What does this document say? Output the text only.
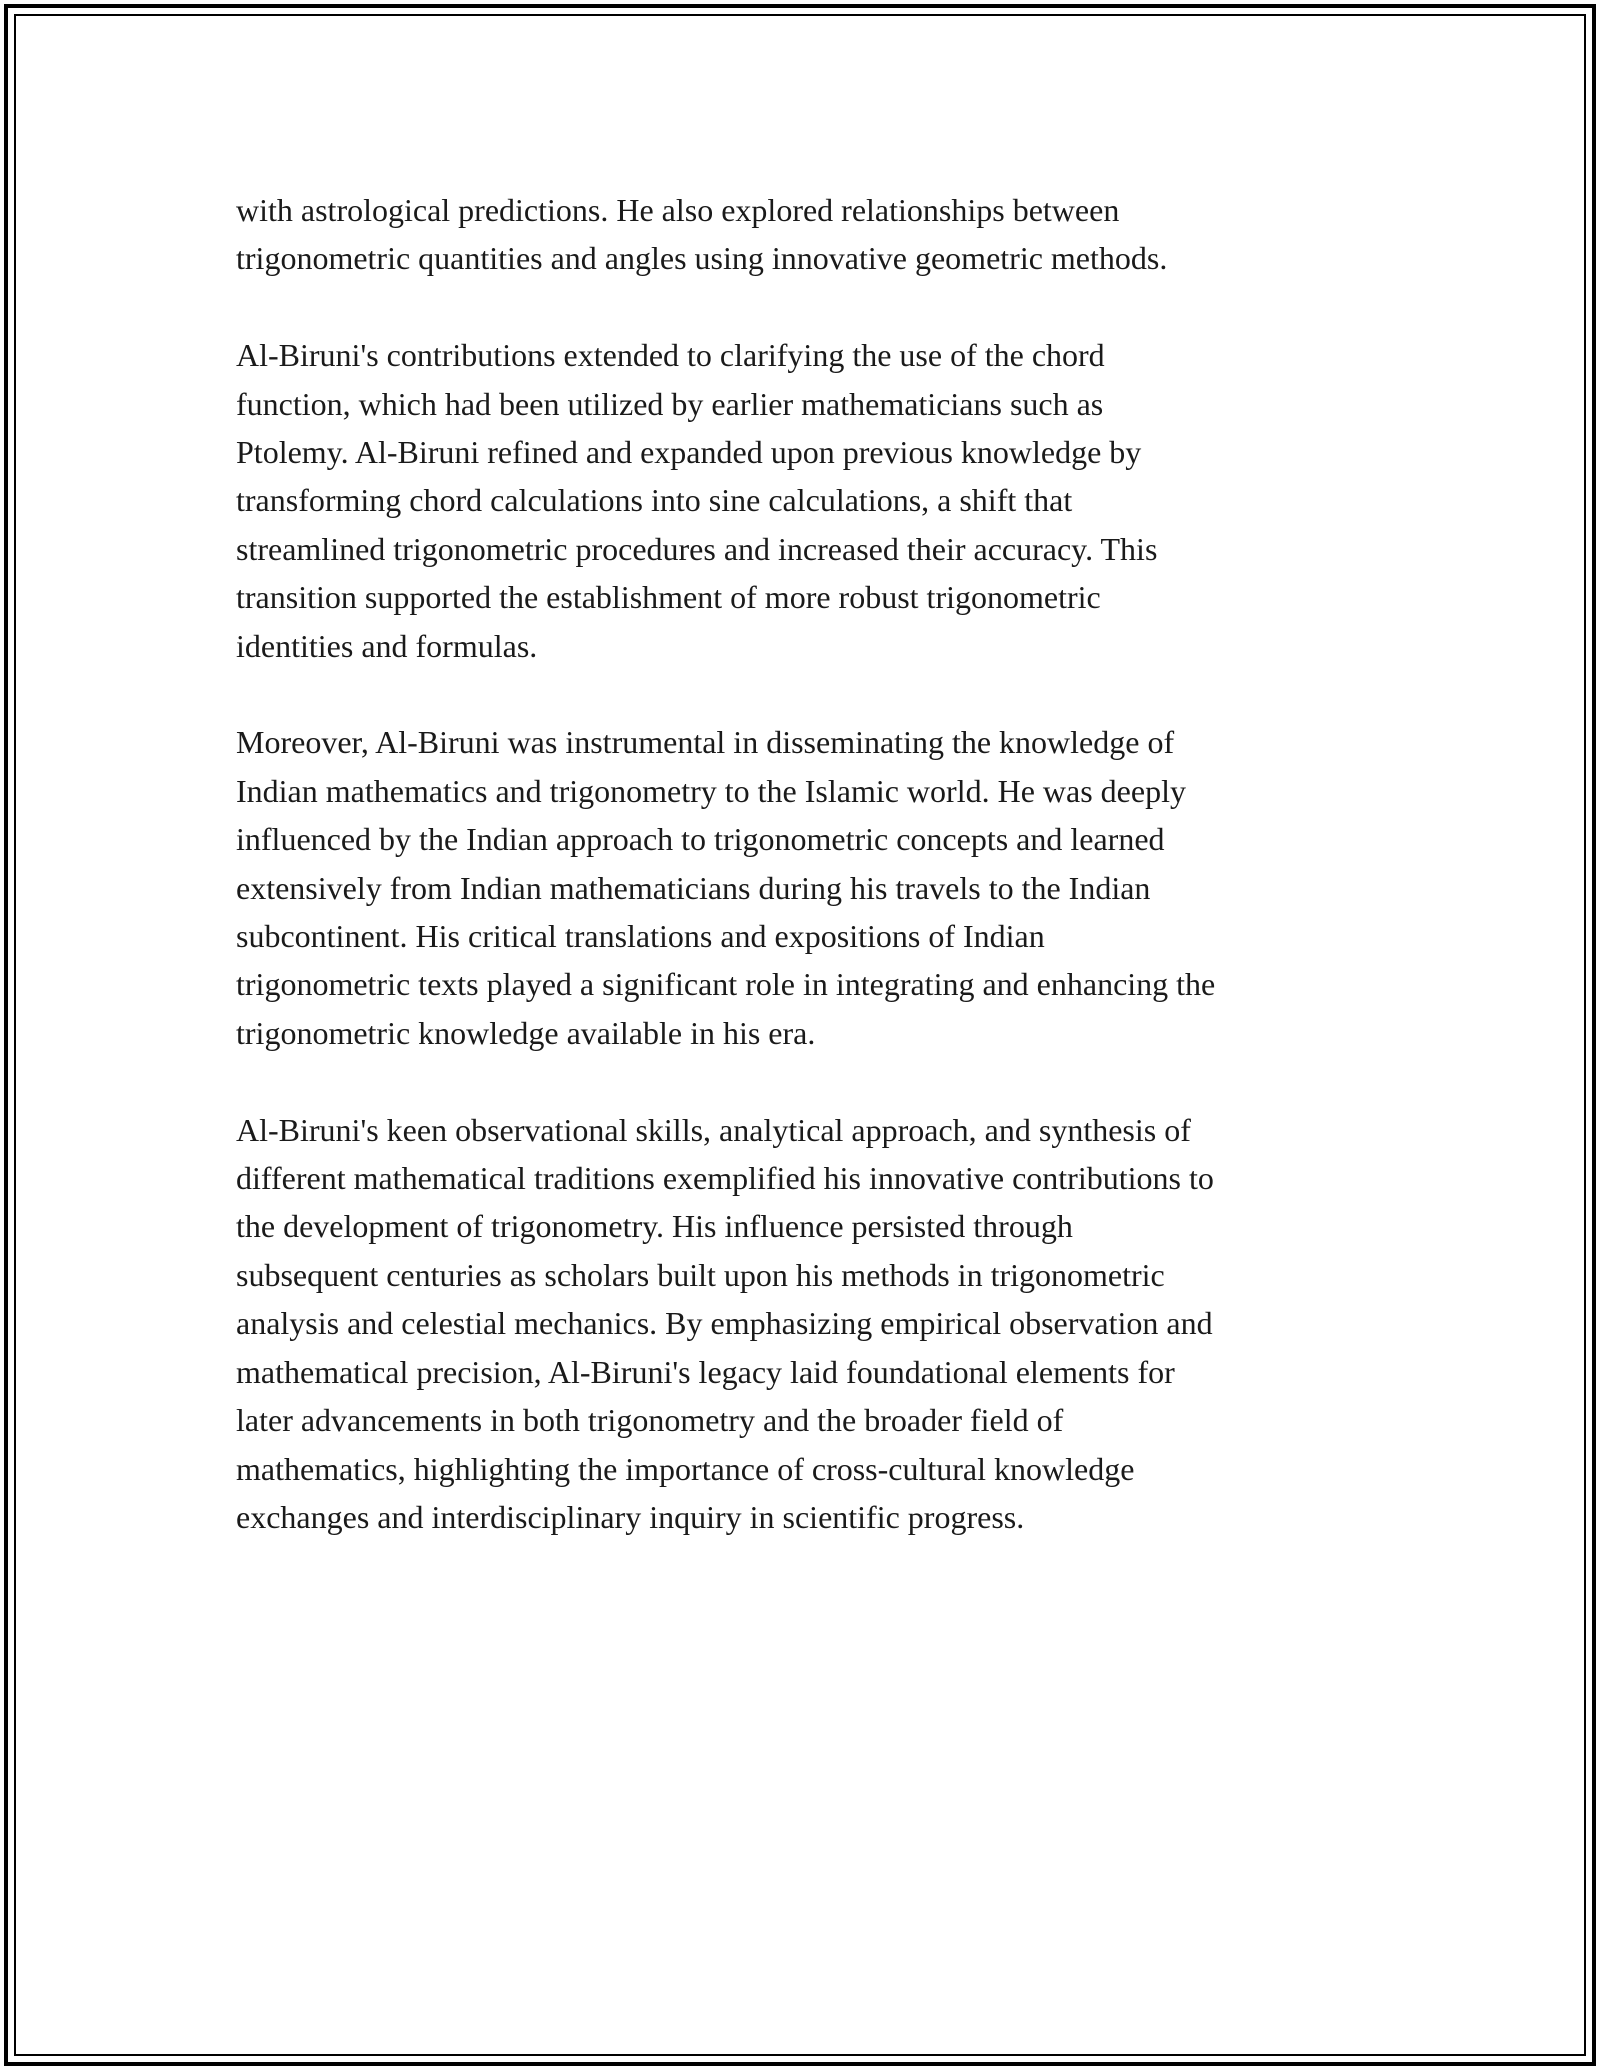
with astrological predictions. He also explored relationships between
trigonometric quantities and angles using innovative geometric methods.

Al-Biruni's contributions extended to clarifying the use of the chord
function, which had been utilized by earlier mathematicians such as
Ptolemy. Al-Biruni refined and expanded upon previous knowledge by
transforming chord calculations into sine calculations, a shift that
streamlined trigonometric procedures and increased their accuracy. This
transition supported the establishment of more robust trigonometric
identities and formulas.

Moreover, Al-Biruni was instrumental in disseminating the knowledge of
Indian mathematics and trigonometry to the Islamic world. He was deeply
influenced by the Indian approach to trigonometric concepts and learned
extensively from Indian mathematicians during his travels to the Indian
subcontinent. His critical translations and expositions of Indian
trigonometric texts played a significant role in integrating and enhancing the
trigonometric knowledge available in his era.

Al-Biruni's keen observational skills, analytical approach, and synthesis of
different mathematical traditions exemplified his innovative contributions to
the development of trigonometry. His influence persisted through
subsequent centuries as scholars built upon his methods in trigonometric
analysis and celestial mechanics. By emphasizing empirical observation and
mathematical precision, Al-Biruni's legacy laid foundational elements for
later advancements in both trigonometry and the broader field of
mathematics, highlighting the importance of cross-cultural knowledge
exchanges and interdisciplinary inquiry in scientific progress.
